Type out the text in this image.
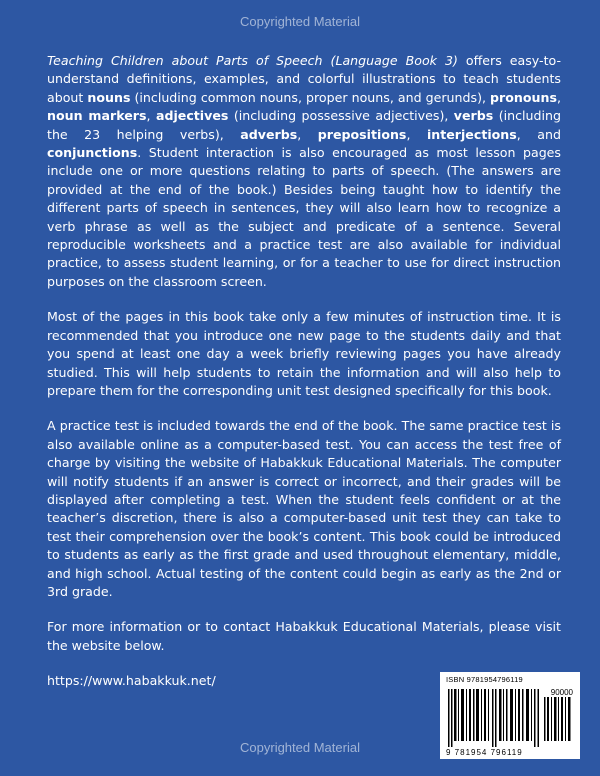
Copyrighted Material

Teaching Children about Parts of Speech (Language Book 3) offers easy-to-understand definitions, examples, and colorful illustrations to teach students about nouns (including common nouns, proper nouns, and gerunds), pronouns, noun markers, adjectives (including possessive adjectives), verbs (including the 23 helping verbs), adverbs, prepositions, interjections, and conjunctions. Student interaction is also encouraged as most lesson pages include one or more questions relating to parts of speech. (The answers are provided at the end of the book.) Besides being taught how to identify the different parts of speech in sentences, they will also learn how to recognize a verb phrase as well as the subject and predicate of a sentence. Several reproducible worksheets and a practice test are also available for individual practice, to assess student learning, or for a teacher to use for direct instruction purposes on the classroom screen.

Most of the pages in this book take only a few minutes of instruction time. It is recommended that you introduce one new page to the students daily and that you spend at least one day a week briefly reviewing pages you have already studied. This will help students to retain the information and will also help to prepare them for the corresponding unit test designed specifically for this book.

A practice test is included towards the end of the book. The same practice test is also available online as a computer-based test. You can access the test free of charge by visiting the website of Habakkuk Educational Materials. The computer will notify students if an answer is correct or incorrect, and their grades will be displayed after completing a test. When the student feels confident or at the teacher’s discretion, there is also a computer-based unit test they can take to test their comprehension over the book’s content. This book could be introduced to students as early as the first grade and used throughout elementary, middle, and high school. Actual testing of the content could begin as early as the 2nd or 3rd grade.

For more information or to contact Habakkuk Educational Materials, please visit the website below.

https://www.habakkuk.net/	ISBN 9781954796119
90000
9 781954 796119
Copyrighted Material
